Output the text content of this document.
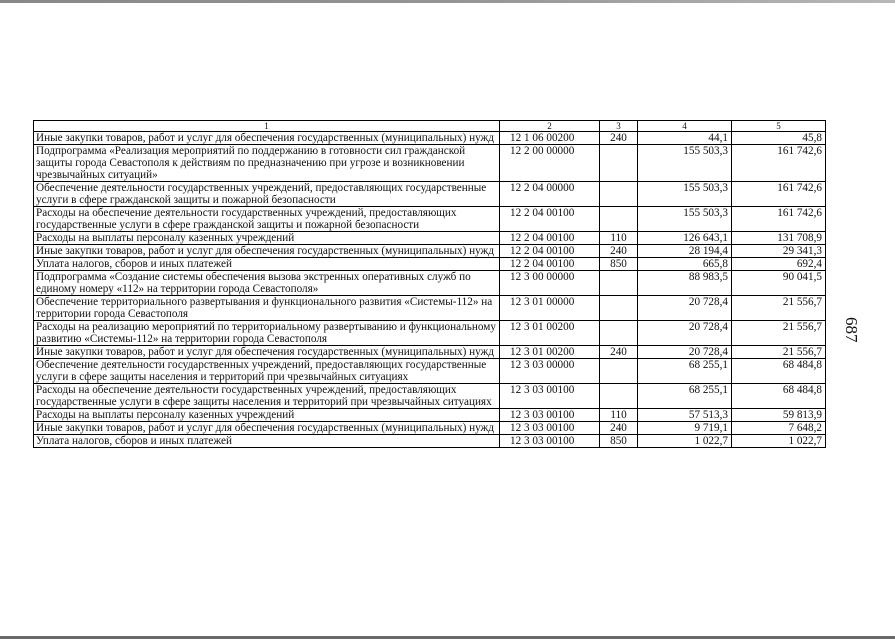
1	2	3	4	5
Иные закупки товаров, работ и услуг для обеспечения государственных (муниципальных) нужд	12 1 06 00200	240	44,1	45,8
Подпрограмма «Реализация мероприятий по поддержанию в готовности сил гражданской защиты города Севастополя к действиям по предназначению при угрозе и возникновении чрезвычайных ситуаций»	12 2 00 00000		155 503,3	161 742,6
Обеспечение деятельности государственных учреждений, предоставляющих государственные услуги в сфере гражданской защиты и пожарной безопасности	12 2 04 00000		155 503,3	161 742,6
Расходы на обеспечение деятельности государственных учреждений, предоставляющих государственные услуги в сфере гражданской защиты и пожарной безопасности	12 2 04 00100		155 503,3	161 742,6
Расходы на выплаты персоналу казенных учреждений	12 2 04 00100	110	126 643,1	131 708,9
Иные закупки товаров, работ и услуг для обеспечения государственных (муниципальных) нужд	12 2 04 00100	240	28 194,4	29 341,3
Уплата налогов, сборов и иных платежей	12 2 04 00100	850	665,8	692,4
Подпрограмма «Создание системы обеспечения вызова экстренных оперативных служб по единому номеру «112» на территории города Севастополя»	12 3 00 00000		88 983,5	90 041,5
Обеспечение территориального развертывания и функционального развития «Системы-112» на территории города Севастополя	12 3 01 00000		20 728,4	21 556,7
Расходы на реализацию мероприятий по территориальному развертыванию и функциональному развитию «Системы-112» на территории города Севастополя	12 3 01 00200		20 728,4	21 556,7
Иные закупки товаров, работ и услуг для обеспечения государственных (муниципальных) нужд	12 3 01 00200	240	20 728,4	21 556,7
Обеспечение деятельности государственных учреждений, предоставляющих государственные услуги в сфере защиты населения и территорий при чрезвычайных ситуациях	12 3 03 00000		68 255,1	68 484,8
Расходы на обеспечение деятельности государственных учреждений, предоставляющих государственные услуги в сфере защиты населения и территорий при чрезвычайных ситуациях	12 3 03 00100		68 255,1	68 484,8
Расходы на выплаты персоналу казенных учреждений	12 3 03 00100	110	57 513,3	59 813,9
Иные закупки товаров, работ и услуг для обеспечения государственных (муниципальных) нужд	12 3 03 00100	240	9 719,1	7 648,2
Уплата налогов, сборов и иных платежей	12 3 03 00100	850	1 022,7	1 022,7
687
